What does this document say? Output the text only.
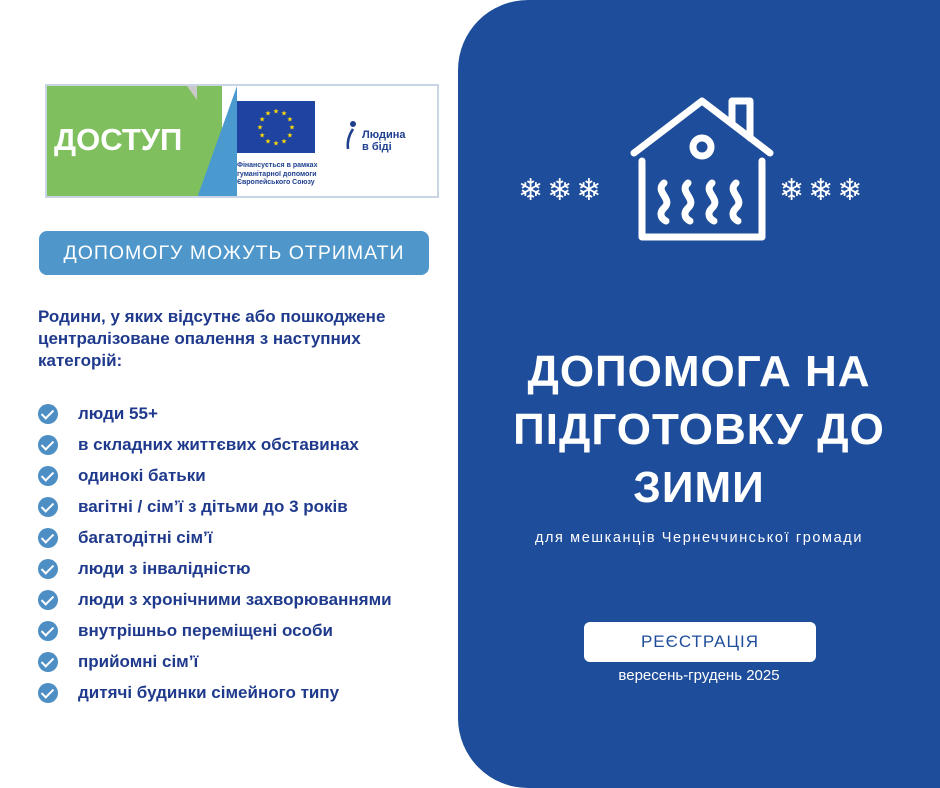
ДОСТУП
★ ★
★
★
★
★
★
★
★
★
★
★
Фінансується в рамках гуманітарної допомоги Європейського Союзу
Людина
в біді
ДОПОМОГУ МОЖУТЬ ОТРИМАТИ
Родини, у яких відсутнє або пошкоджене централізоване опалення з наступних категорій:
люди 55+
в складних життєвих обставинах
одинокі батьки
вагітні / сім’ї з дітьми до 3 років
багатодітні сім’ї
люди з інвалідністю
люди з хронічними захворюваннями
внутрішньо переміщені особи
прийомні сім’ї
дитячі будинки сімейного типу
❄❄❄	❄❄❄
ДОПОМОГА НА
ПІДГОТОВКУ ДО
ЗИМИ
для мешканців Чернеччинської громади
РЕЄСТРАЦІЯ
вересень-грудень 2025
